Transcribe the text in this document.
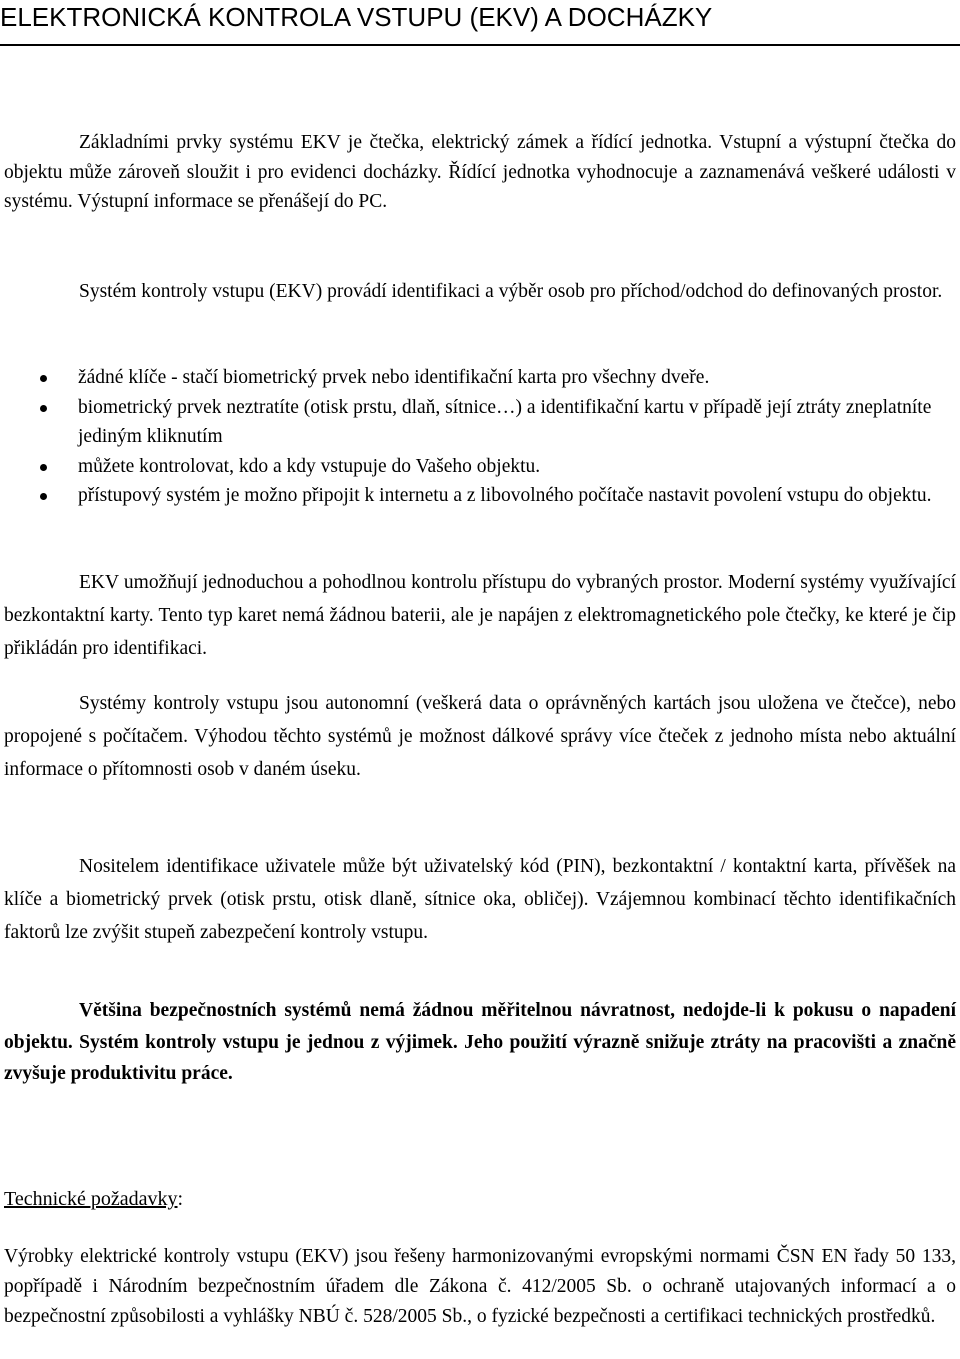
ELEKTRONICKÁ KONTROLA VSTUPU (EKV) A DOCHÁZKY
Základními prvky systému EKV je čtečka, elektrický zámek a řídící jednotka. Vstupní a výstupní čtečka do objektu může zároveň sloužit i pro evidenci docházky. Řídící jednotka vyhodnocuje a zaznamenává veškeré události v systému. Výstupní informace se přenášejí do PC.
Systém kontroly vstupu (EKV) provádí identifikaci a výběr osob pro příchod/odchod do definovaných prostor.
žádné klíče - stačí biometrický prvek nebo identifikační karta pro všechny dveře.
biometrický prvek neztratíte (otisk prstu, dlaň, sítnice…) a identifikační kartu v případě její ztráty zneplatníte jediným kliknutím
můžete kontrolovat, kdo a kdy vstupuje do Vašeho objektu.
přístupový systém je možno připojit k internetu a z libovolného počítače nastavit povolení vstupu do objektu.
EKV umožňují jednoduchou a pohodlnou kontrolu přístupu do vybraných prostor. Moderní systémy využívající bezkontaktní karty. Tento typ karet nemá žádnou baterii, ale je napájen z elektromagnetického pole čtečky, ke které je čip přikládán pro identifikaci.
Systémy kontroly vstupu jsou autonomní (veškerá data o oprávněných kartách jsou uložena ve čtečce), nebo propojené s počítačem. Výhodou těchto systémů je možnost dálkové správy více čteček z jednoho místa nebo aktuální informace o přítomnosti osob v daném úseku.
Nositelem identifikace uživatele může být uživatelský kód (PIN), bezkontaktní / kontaktní karta, přívěšek na klíče a biometrický prvek (otisk prstu, otisk dlaně, sítnice oka, obličej). Vzájemnou kombinací těchto identifikačních faktorů lze zvýšit stupeň zabezpečení kontroly vstupu.
Většina bezpečnostních systémů nemá žádnou měřitelnou návratnost, nedojde-li k pokusu o napadení objektu. Systém kontroly vstupu je jednou z výjimek. Jeho použití výrazně snižuje ztráty na pracovišti a značně zvyšuje produktivitu práce.
Technické požadavky:
Výrobky elektrické kontroly vstupu (EKV) jsou řešeny harmonizovanými evropskými normami ČSN EN řady 50 133, popřípadě i Národním bezpečnostním úřadem dle Zákona č. 412/2005 Sb. o ochraně utajovaných informací a o bezpečnostní způsobilosti a vyhlášky NBÚ č. 528/2005 Sb., o fyzické bezpečnosti a certifikaci technických prostředků.
